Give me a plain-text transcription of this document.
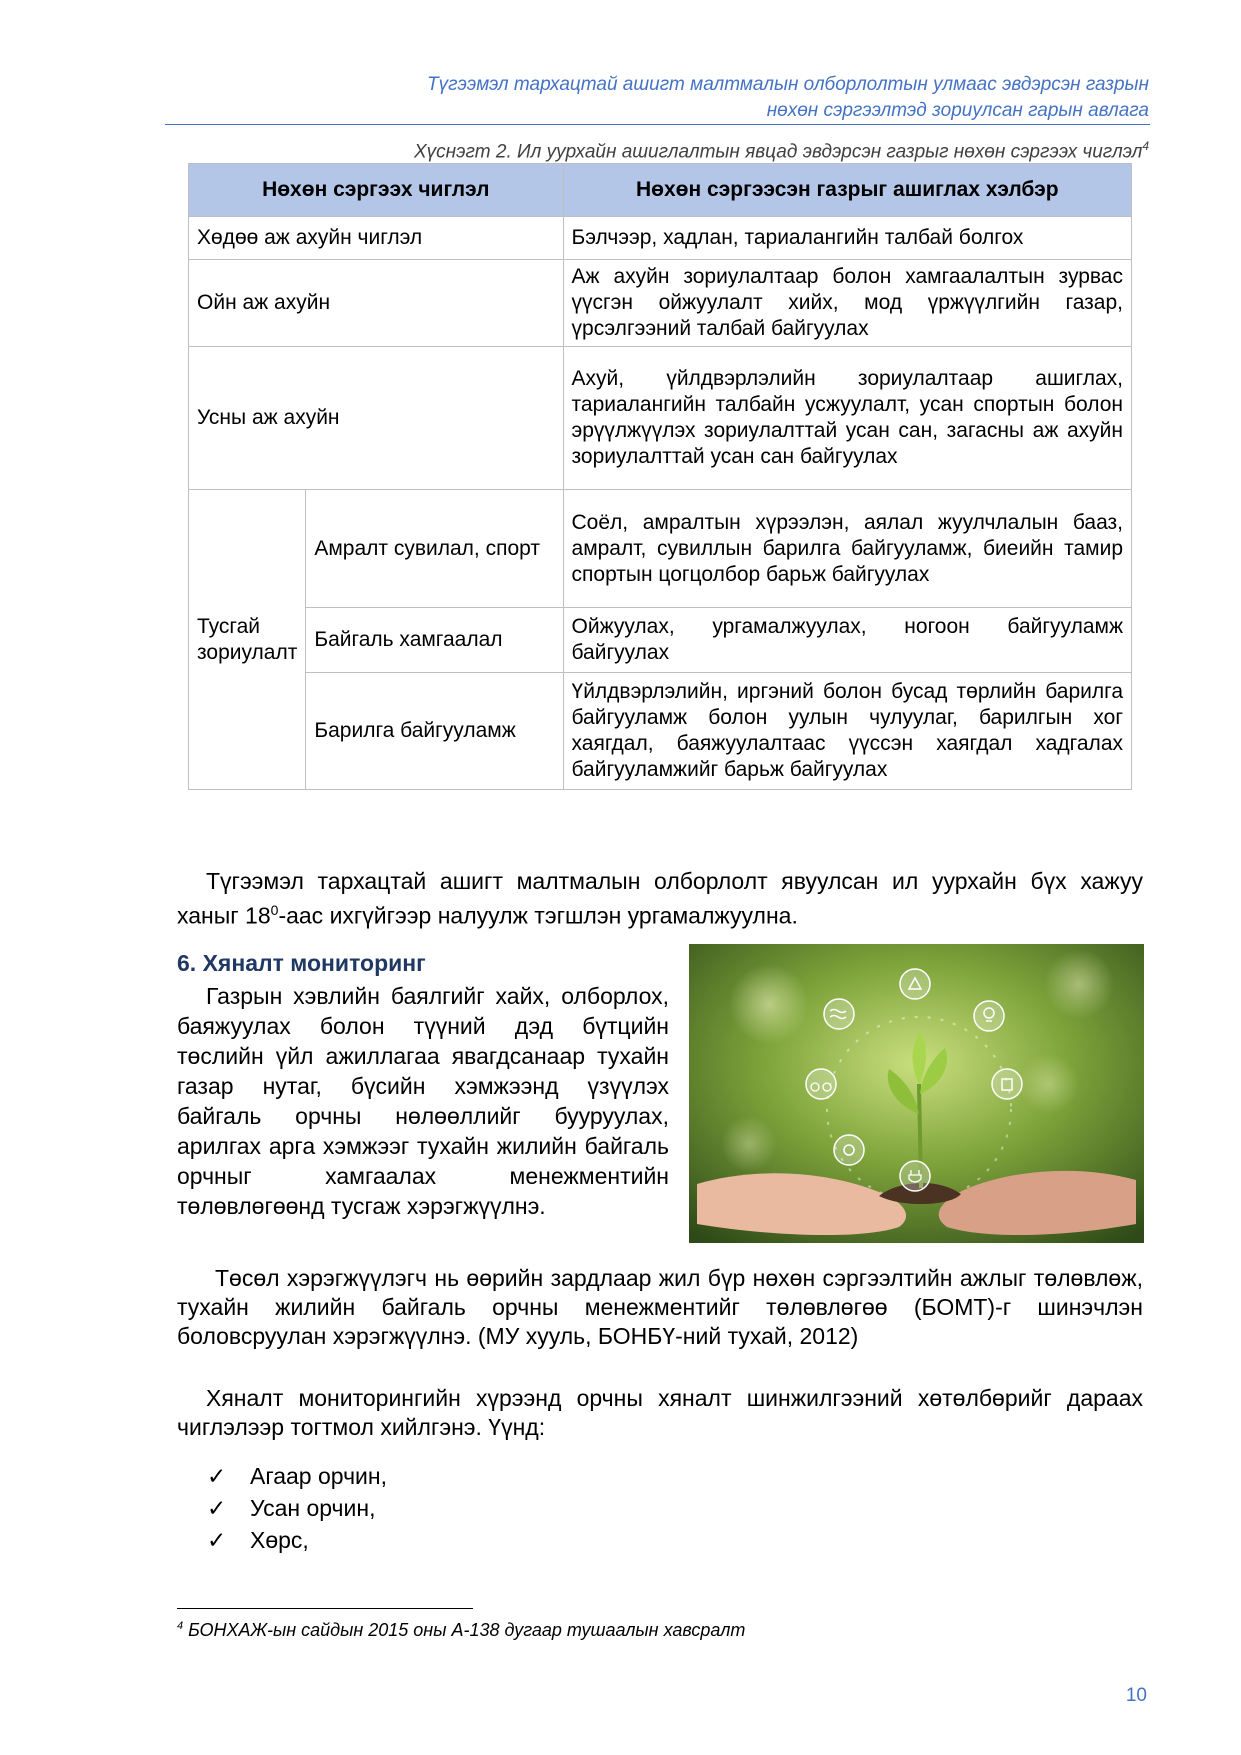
Түгээмэл тархацтай ашигт малтмалын олборлолтын улмаас эвдэрсэн газрын
нөхөн сэргээлтэд зориулсан гарын авлага
Хүснэгт 2. Ил уурхайн ашиглалтын явцад эвдэрсэн газрыг нөхөн сэргээх чиглэл$^4$
Нөхөн сэргээх чиглэл		Нөхөн сэргээсэн газрыг ашиглах хэлбэр
Хөдөө аж ахуйн чиглэл		Бэлчээр, хадлан, тариалангийн талбай болгох
Ойн аж ахуйн		Аж ахуйн зориулалтаар болон хамгаалалтын зурвас үүсгэн ойжуулалт хийх, мод үржүүлгийн газар, үрсэлгээний талбай байгуулах
Усны аж ахуйн		Ахуй, үйлдвэрлэлийн зориулалтаар ашиглах, тариалангийн талбайн усжуулалт, усан спортын болон эрүүлжүүлэх зориулалттай усан сан, загасны аж ахуйн зориулалттай усан сан байгуулах
Тусгай зориулалт	Амралт сувилал, спорт	Соёл, амралтын хүрээлэн, аялал жуулчлалын бааз, амралт, сувиллын барилга байгууламж, биеийн тамир спортын цогцолбор барьж байгуулах
	Байгаль хамгаалал	Ойжуулах, ургамалжуулах, ногоон байгууламж байгуулах
	Барилга байгууламж	Үйлдвэрлэлийн, иргэний болон бусад төрлийн барилга байгууламж болон уулын чулуулаг, барилгын хог хаягдал, баяжуулалтаас үүссэн хаягдал хадгалах байгууламжийг барьж байгуулах

Түгээмэл тархацтай ашигт малтмалын олборлолт явуулсан ил уурхайн бүх хажуу ханыг $18^0$-аас ихгүйгээр налуулж тэгшлэн ургамалжуулна.

6. Хяналт мониторинг

Газрын хэвлийн баялгийг хайх, олборлох, баяжуулах болон түүний дэд бүтцийн төслийн үйл ажиллагаа явагдсанаар тухайн газар нутаг, бүсийн хэмжээнд үзүүлэх байгаль орчны нөлөөллийг бууруулах, арилгах арга хэмжээг тухайн жилийн байгаль орчныг хамгаалах менежментийн төлөвлөгөөнд тусгаж хэрэгжүүлнэ.

Төсөл хэрэгжүүлэгч нь өөрийн зардлаар жил бүр нөхөн сэргээлтийн ажлыг төлөвлөж, тухайн жилийн байгаль орчны менежментийг төлөвлөгөө (БОМТ)-г шинэчлэн боловсруулан хэрэгжүүлнэ. (МУ хууль, БОНБҮ-ний тухай, 2012)

Хяналт мониторингийн хүрээнд орчны хяналт шинжилгээний хөтөлбөрийг дараах чиглэлээр тогтмол хийлгэнэ. Үүнд:

✓ Агаар орчин,
✓ Усан орчин,
✓ Хөрс,
$^4$ БОНХАЖ-ын сайдын 2015 оны А-138 дугаар тушаалын хавсралт
10
